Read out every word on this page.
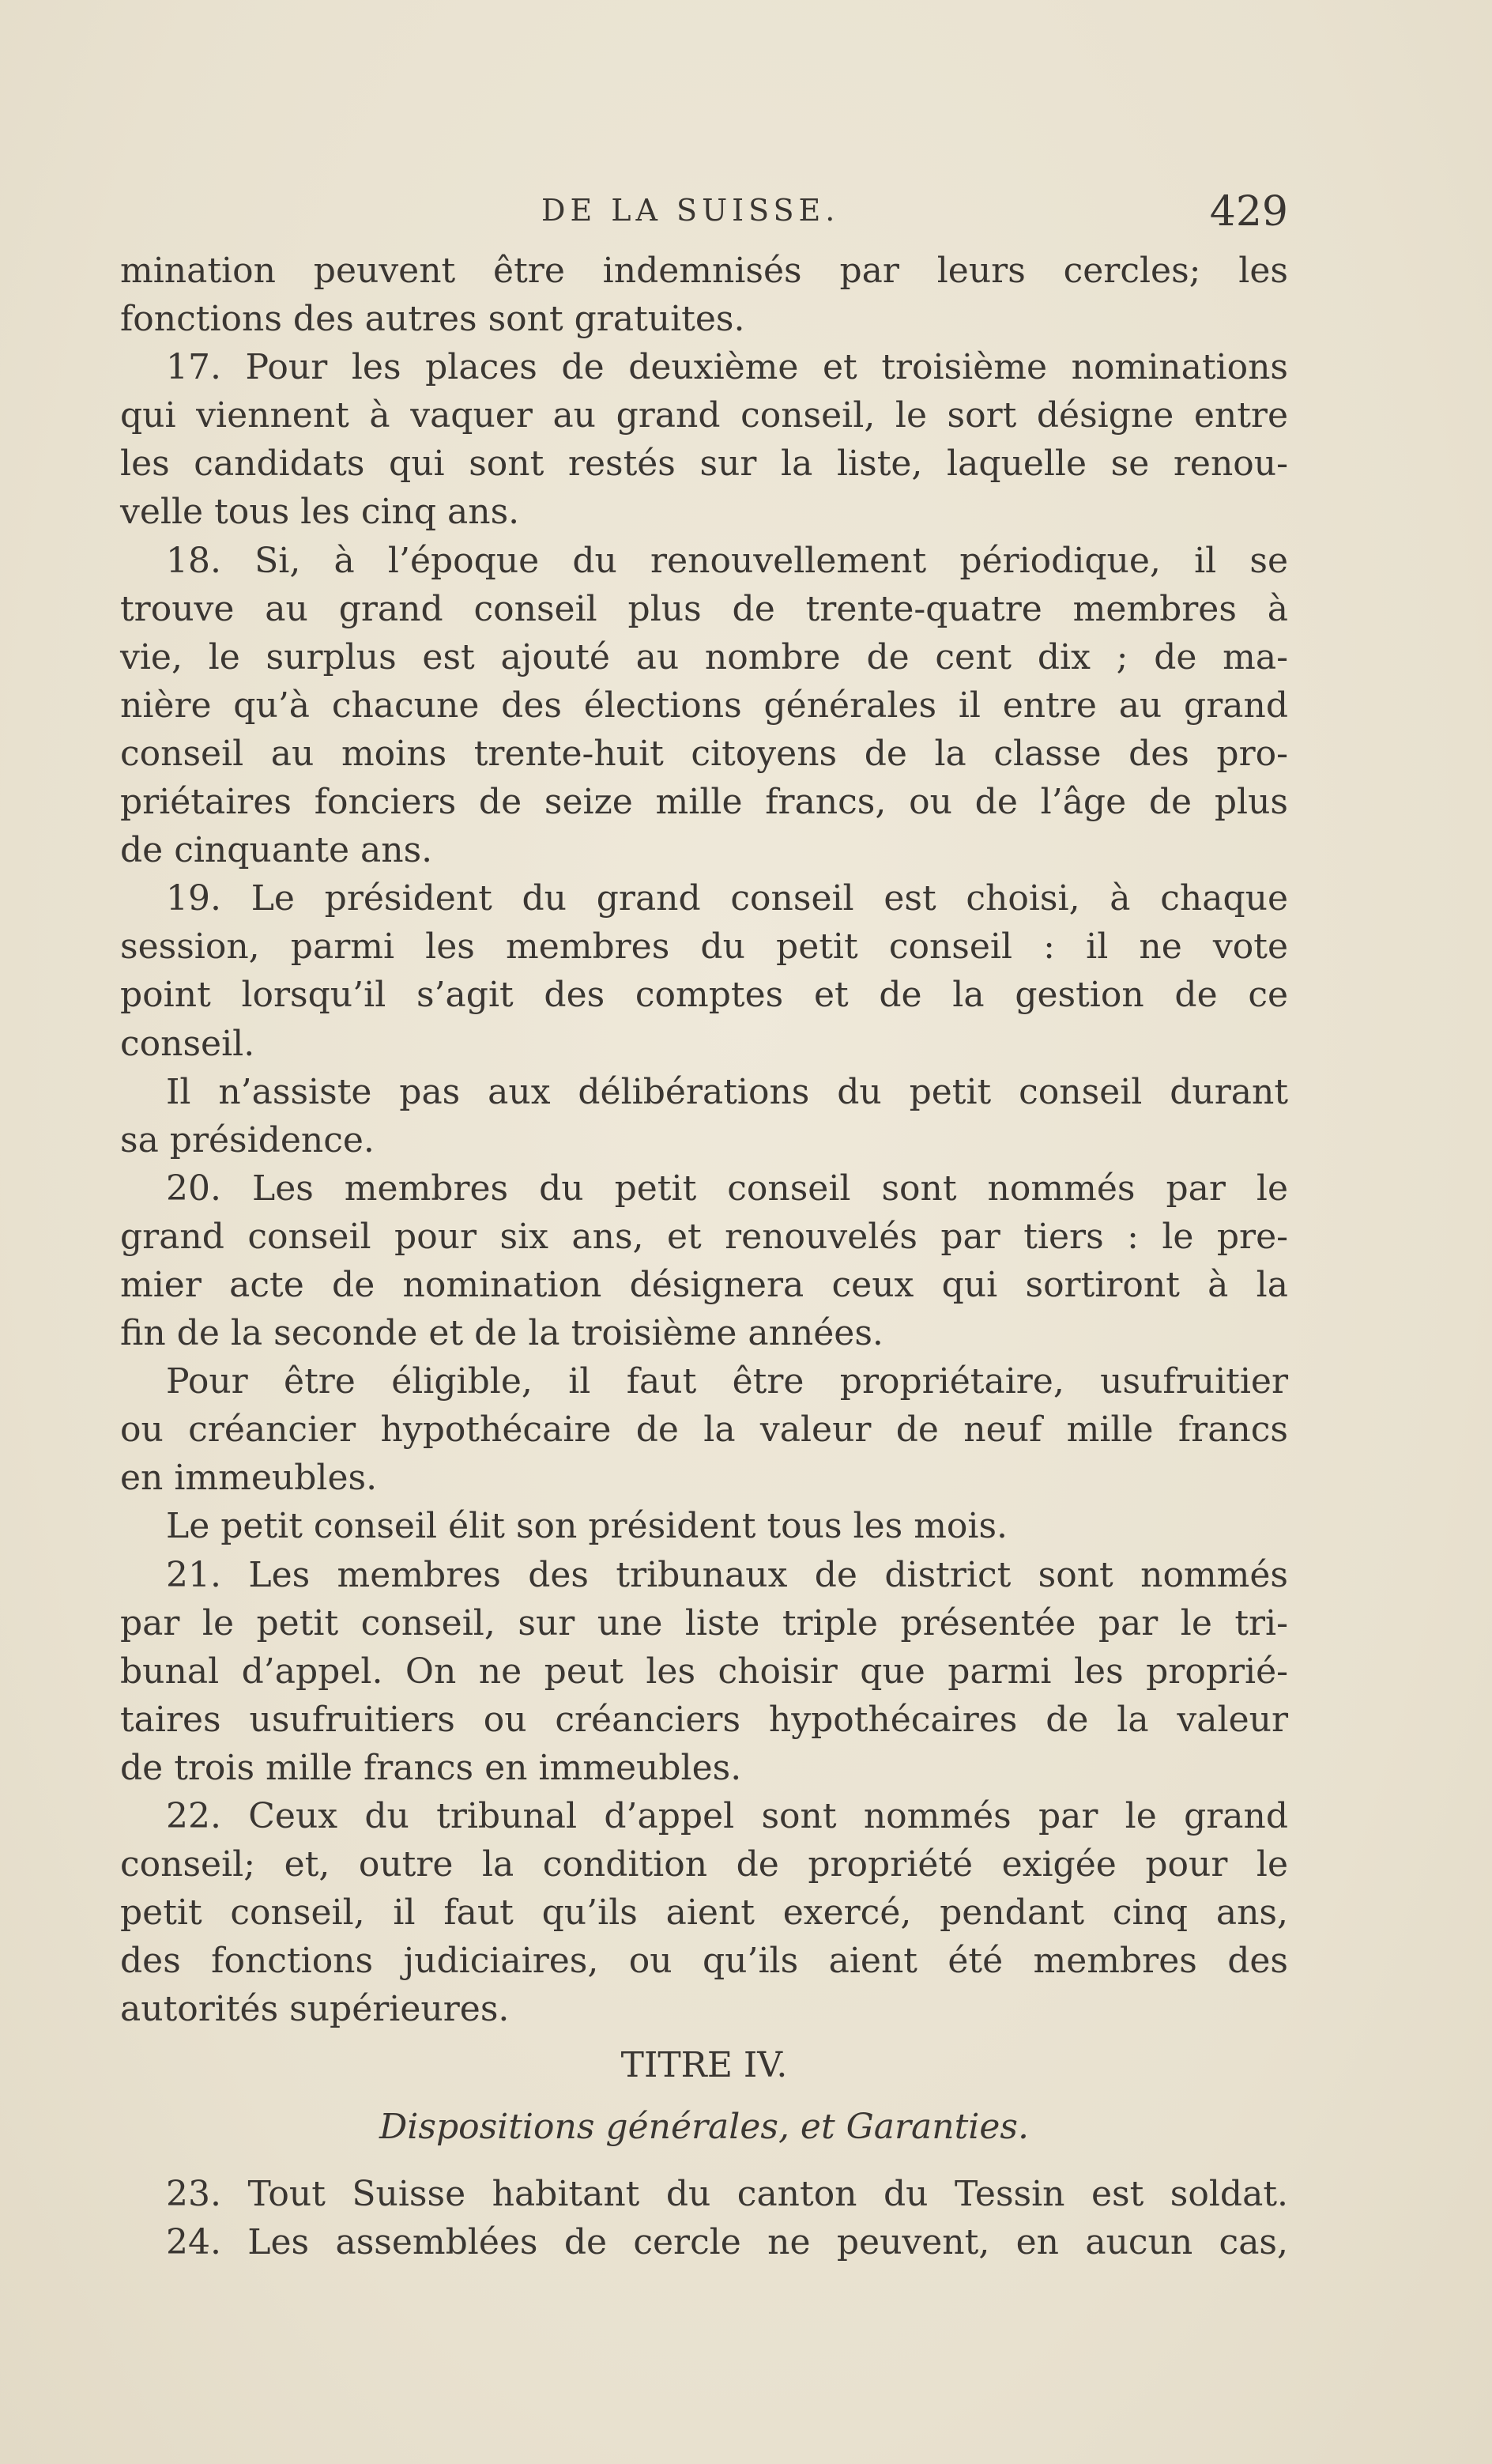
DE LA SUISSE.	429
mination peuvent être indemnisés par leurs cercles; les
fonctions des autres sont gratuites.
17. Pour les places de deuxième et troisième nominations
qui viennent à vaquer au grand conseil, le sort désigne entre
les candidats qui sont restés sur la liste, laquelle se renou-
velle tous les cinq ans.
18. Si, à l’époque du renouvellement périodique, il se
trouve au grand conseil plus de trente-quatre membres à
vie, le surplus est ajouté au nombre de cent dix ; de ma-
nière qu’à chacune des élections générales il entre au grand
conseil au moins trente-huit citoyens de la classe des pro-
priétaires fonciers de seize mille francs, ou de l’âge de plus
de cinquante ans.
19. Le président du grand conseil est choisi, à chaque
session, parmi les membres du petit conseil : il ne vote
point lorsqu’il s’agit des comptes et de la gestion de ce
conseil.
Il n’assiste pas aux délibérations du petit conseil durant
sa présidence.
20. Les membres du petit conseil sont nommés par le
grand conseil pour six ans, et renouvelés par tiers : le pre-
mier acte de nomination désignera ceux qui sortiront à la
fin de la seconde et de la troisième années.
Pour être éligible, il faut être propriétaire, usufruitier
ou créancier hypothécaire de la valeur de neuf mille francs
en immeubles.
Le petit conseil élit son président tous les mois.
21. Les membres des tribunaux de district sont nommés
par le petit conseil, sur une liste triple présentée par le tri-
bunal d’appel. On ne peut les choisir que parmi les proprié-
taires usufruitiers ou créanciers hypothécaires de la valeur
de trois mille francs en immeubles.
22. Ceux du tribunal d’appel sont nommés par le grand
conseil; et, outre la condition de propriété exigée pour le
petit conseil, il faut qu’ils aient exercé, pendant cinq ans,
des fonctions judiciaires, ou qu’ils aient été membres des
autorités supérieures.
TITRE IV.
Dispositions générales, et Garanties.
23. Tout Suisse habitant du canton du Tessin est soldat.
24. Les assemblées de cercle ne peuvent, en aucun cas,
